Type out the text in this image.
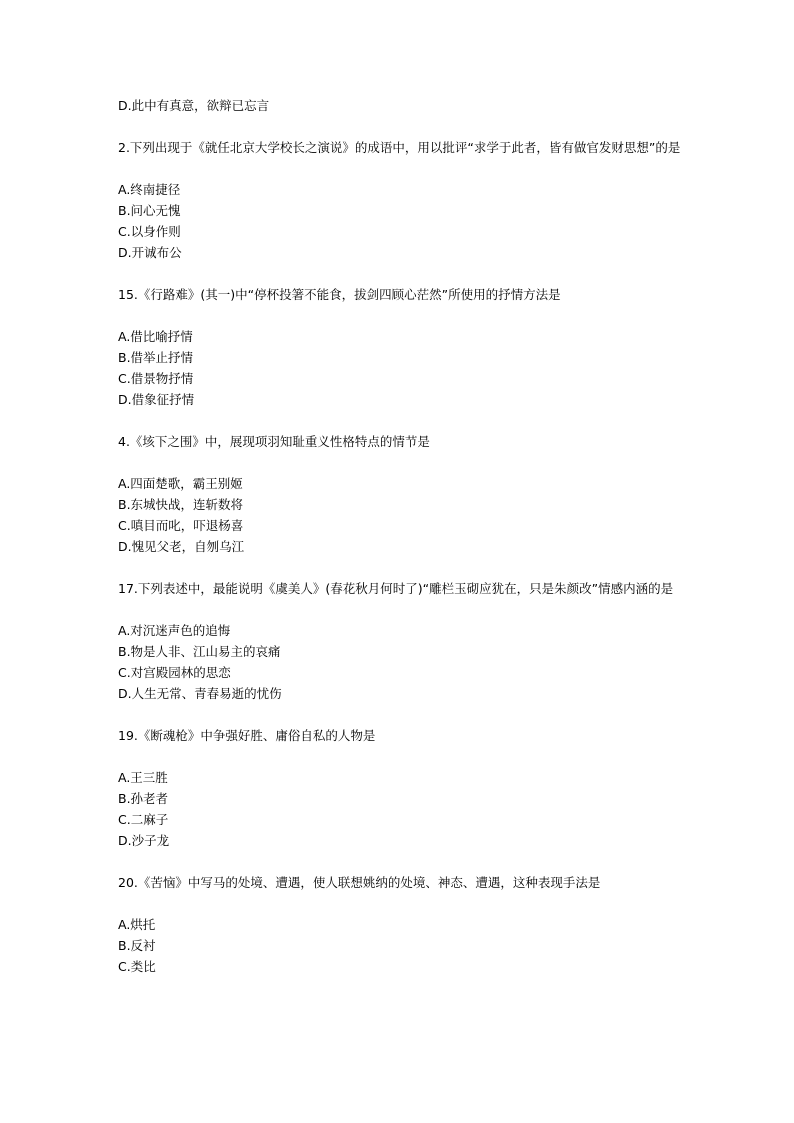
D.此中有真意，欲辩已忘言

2.下列出现于《就任北京大学校长之演说》的成语中，用以批评“求学于此者，皆有做官发财思想”的是

A.终南捷径

B.问心无愧

C.以身作则

D.开诚布公

15.《行路难》(其一)中“停杯投箸不能食，拔剑四顾心茫然”所使用的抒情方法是

A.借比喻抒情

B.借举止抒情

C.借景物抒情

D.借象征抒情

4.《垓下之围》中，展现项羽知耻重义性格特点的情节是

A.四面楚歌，霸王别姬

B.东城快战，连斩数将

C.嗔目而叱，吓退杨喜

D.愧见父老，自刎乌江

17.下列表述中，最能说明《虞美人》(春花秋月何时了)“雕栏玉砌应犹在，只是朱颜改”情感内涵的是

A.对沉迷声色的追悔

B.物是人非、江山易主的哀痛

C.对宫殿园林的思恋

D.人生无常、青春易逝的忧伤

19.《断魂枪》中争强好胜、庸俗自私的人物是

A.王三胜

B.孙老者

C.二麻子

D.沙子龙

20.《苦恼》中写马的处境、遭遇，使人联想姚纳的处境、神态、遭遇，这种表现手法是

A.烘托

B.反衬

C.类比
